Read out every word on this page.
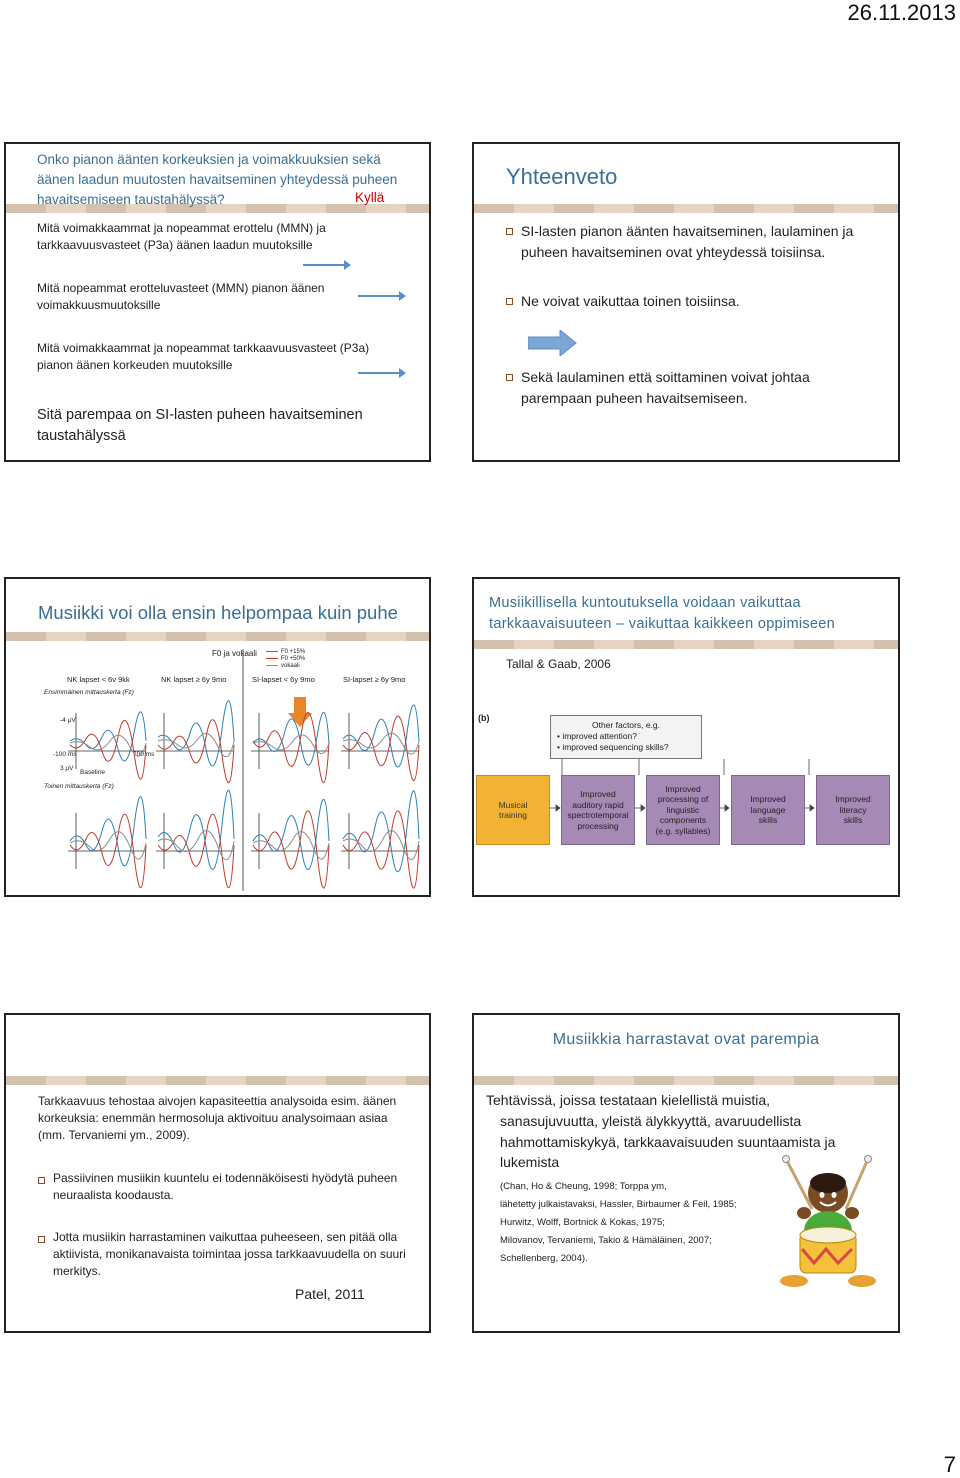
26.11.2013
Onko pianon äänten korkeuksien ja voimakkuuksien sekä äänen laadun muutosten havaitseminen yhteydessä puheen havaitsemiseen taustahälyssä?	Kyllä
Mitä voimakkaammat ja nopeammat erottelu (MMN) ja tarkkaavuusvasteet (P3a) äänen laadun muutoksille
Mitä nopeammat erotteluvasteet (MMN) pianon äänen voimakkuusmuutoksille
Mitä voimakkaammat ja nopeammat tarkkaavuusvasteet (P3a) pianon äänen korkeuden muutoksille
Sitä parempaa on SI-lasten puheen havaitseminen taustahälyssä
Yhteenveto
SI-lasten pianon äänten havaitseminen, laulaminen ja puheen havaitseminen ovat yhteydessä toisiinsa.
Ne voivat vaikuttaa toinen toisiinsa.
Sekä laulaminen että soittaminen voivat johtaa parempaan puheen havaitsemiseen.
Musiikki voi olla ensin helpompaa kuin puhe
F0 ja vokaali	F0 +15%
F0 +50%
vokaali
NK lapset < 6v 9kk	NK lapset ≥ 6y 9mo	SI-lapset < 6y 9mo	SI-lapset ≥ 6y 9mo
Ensimmäinen mittauskerta (Fz)
-4 μV
-100 ms	700 ms
3 μV
Baseline
Toinen mittauskerta (Fz)
Musiikillisella kuntoutuksella voidaan vaikuttaa tarkkaavaisuuteen – vaikuttaa kaikkeen oppimiseen
Tallal & Gaab, 2006
(b)
Other factors, e.g.
• improved attention?
• improved sequencing skills?
Musical
training
Improved
auditory rapid
spectrotemporal
processing
Improved
processing of
linguistic
components
(e.g. syllables)
Improved
language
skills
Improved
literacy
skills
Tarkkaavuus tehostaa aivojen kapasiteettia analysoida esim. äänen korkeuksia: enemmän hermosoluja aktivoituu analysoimaan asiaa (mm. Tervaniemi ym., 2009).
Passiivinen musiikin kuuntelu ei todennäköisesti hyödytä puheen neuraalista koodausta.
Jotta musiikin harrastaminen vaikuttaa puheeseen, sen pitää olla aktiivista, monikanavaista toimintaa jossa tarkkaavuudella on suuri merkitys.
Patel, 2011
Musiikkia harrastavat ovat parempia
Tehtävissä, joissa testataan kielellistä muistia,
sanasujuvuutta, yleistä älykkyyttä, avaruudellista hahmottamiskykyä, tarkkaavaisuuden suuntaamista ja lukemista
(Chan, Ho & Cheung, 1998; Torppa ym,
lähetetty julkaistavaksi, Hassler, Birbaumer & Feil, 1985;
Hurwitz, Wolff, Bortnick & Kokas, 1975;
Milovanov, Tervaniemi, Takio & Hämäläinen, 2007;
Schellenberg, 2004).
7
